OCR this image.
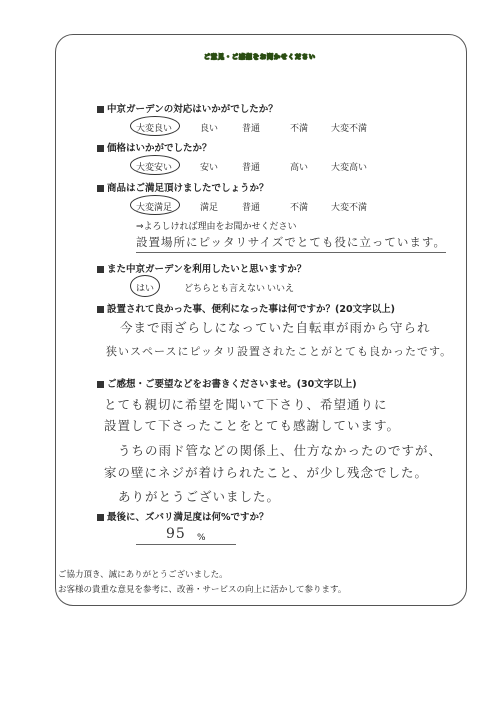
ご意見・ご感想をお聞かせください
中京ガーデンの対応はいかがでしたか？
大変良い	良い	普通	不満	大変不満
価格はいかがでしたか？
大変安い	安い	普通	高い	大変高い
商品はご満足頂けましたでしょうか？
大変満足	満足	普通	不満	大変不満
⇒よろしければ理由をお聞かせください
設置場所にピッタリサイズでとても役に立っています。
また中京ガーデンを利用したいと思いますか？
はい	どちらとも言えない いいえ
設置されて良かった事、便利になった事は何ですか？(20文字以上)
今まで雨ざらしになっていた自転車が雨から守られ
狭いスペースにピッタリ設置されたことがとても良かったです。
ご感想・ご要望などをお書きくださいませ。(30文字以上)
とても親切に希望を聞いて下さり、希望通りに
設置して下さったことをとても感謝しています。
うちの雨ド管などの関係上、仕方なかったのですが、
家の壁にネジが着けられたこと、が少し残念でした。
ありがとうございました。
最後に、ズバリ満足度は何%ですか？
95 %
ご協力頂き、誠にありがとうございました。
お客様の貴重な意見を参考に、改善・サービスの向上に活かして参ります。
